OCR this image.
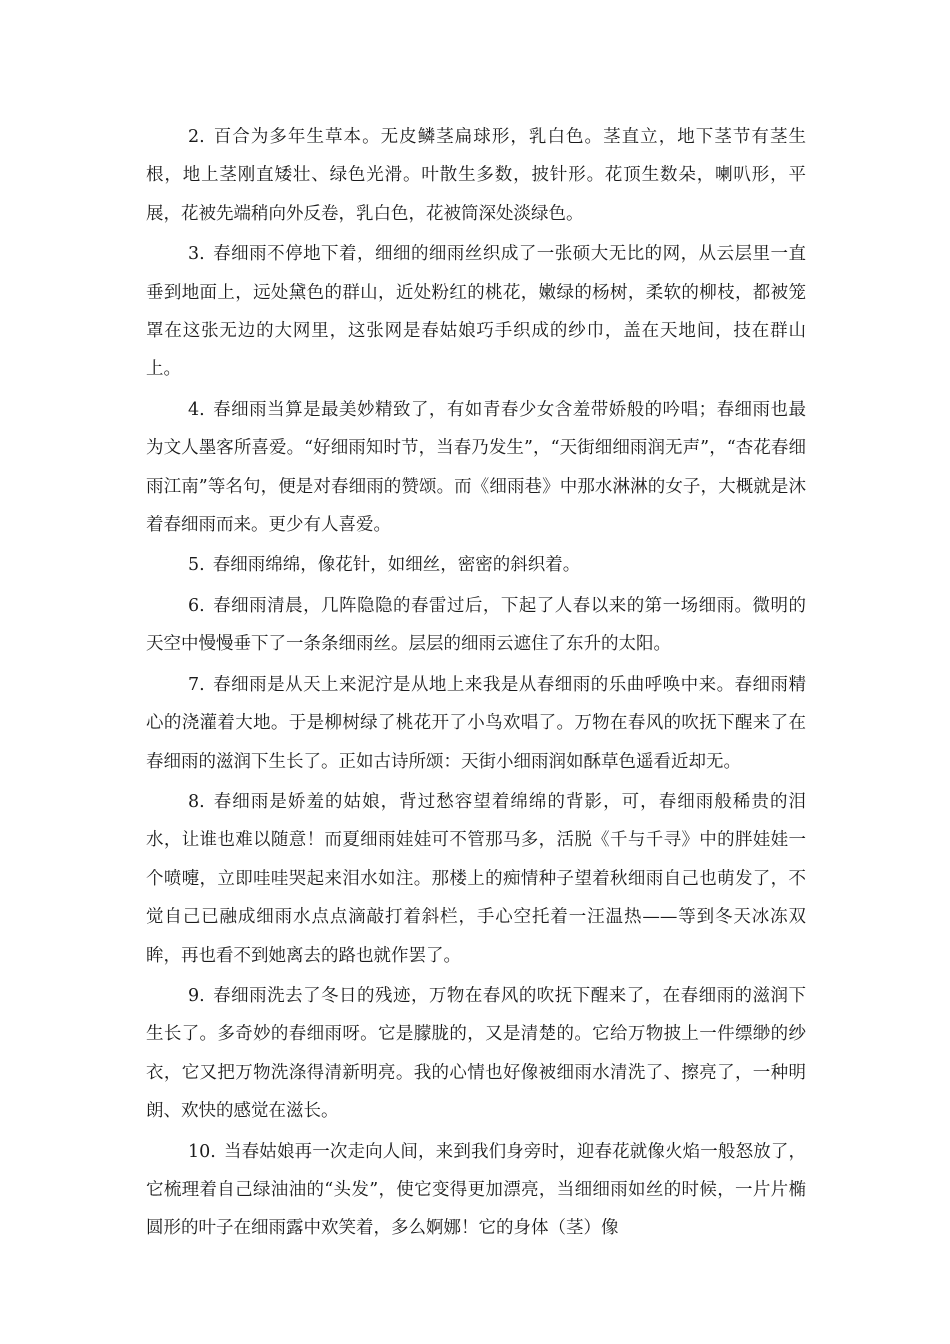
2. 百合为多年生草本。无皮鳞茎扁球形，乳白色。茎直立，地下茎节有茎生根，地上茎刚直矮壮、绿色光滑。叶散生多数，披针形。花顶生数朵，喇叭形，平展，花被先端稍向外反卷，乳白色，花被筒深处淡绿色。

3. 春细雨不停地下着，细细的细雨丝织成了一张硕大无比的网，从云层里一直垂到地面上，远处黛色的群山，近处粉红的桃花，嫩绿的杨树，柔软的柳枝，都被笼罩在这张无边的大网里，这张网是春姑娘巧手织成的纱巾，盖在天地间，技在群山上。

4. 春细雨当算是最美妙精致了，有如青春少女含羞带娇般的吟唱；春细雨也最为文人墨客所喜爱。“好细雨知时节，当春乃发生”，“天街细细雨润无声”，“杏花春细雨江南”等名句，便是对春细雨的赞颂。而《细雨巷》中那水淋淋的女子，大概就是沐着春细雨而来。更少有人喜爱。

5. 春细雨绵绵，像花针，如细丝，密密的斜织着。

6. 春细雨清晨，几阵隐隐的春雷过后，下起了人春以来的第一场细雨。微明的天空中慢慢垂下了一条条细雨丝。层层的细雨云遮住了东升的太阳。

7. 春细雨是从天上来泥泞是从地上来我是从春细雨的乐曲呼唤中来。春细雨精心的浇灌着大地。于是柳树绿了桃花开了小鸟欢唱了。万物在春风的吹抚下醒来了在春细雨的滋润下生长了。正如古诗所颂：天街小细雨润如酥草色遥看近却无。

8. 春细雨是娇羞的姑娘，背过愁容望着绵绵的背影，可，春细雨般稀贵的泪水，让谁也难以随意！而夏细雨娃娃可不管那马多，活脱《千与千寻》中的胖娃娃一个喷嚏，立即哇哇哭起来泪水如注。那楼上的痴情种子望着秋细雨自己也萌发了，不觉自己已融成细雨水点点滴敲打着斜栏，手心空托着一汪温热——等到冬天冰冻双眸，再也看不到她离去的路也就作罢了。

9. 春细雨洗去了冬日的残迹，万物在春风的吹抚下醒来了，在春细雨的滋润下生长了。多奇妙的春细雨呀。它是朦胧的，又是清楚的。它给万物披上一件缥缈的纱衣，它又把万物洗涤得清新明亮。我的心情也好像被细雨水清洗了、擦亮了，一种明朗、欢快的感觉在滋长。

10. 当春姑娘再一次走向人间，来到我们身旁时，迎春花就像火焰一般怒放了，它梳理着自己绿油油的“头发”，使它变得更加漂亮，当细细雨如丝的时候，一片片椭圆形的叶子在细雨露中欢笑着，多么婀娜！它的身体（茎）像
